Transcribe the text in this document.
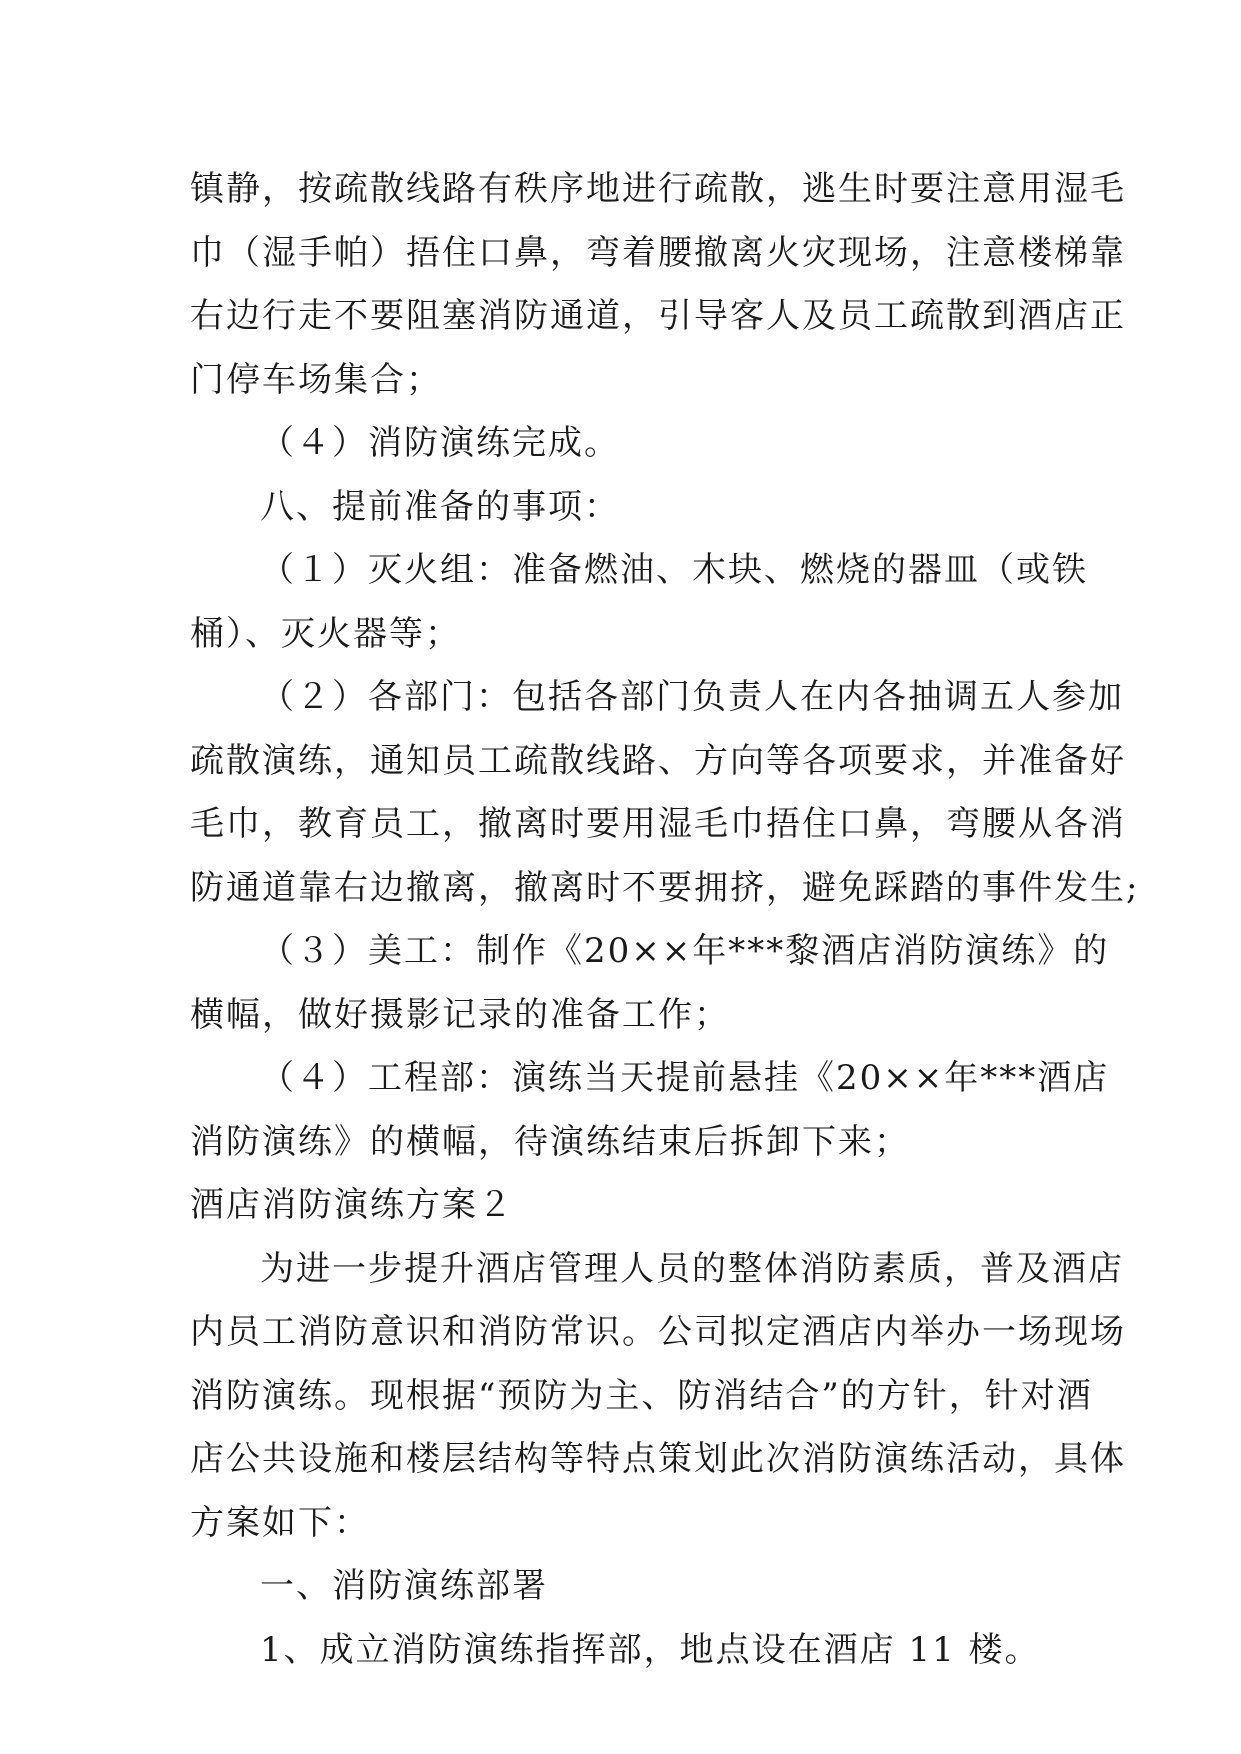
镇静，按疏散线路有秩序地进行疏散，逃生时要注意用湿毛
巾（湿手帕）捂住口鼻，弯着腰撤离火灾现场，注意楼梯靠
右边行走不要阻塞消防通道，引导客人及员工疏散到酒店正
门停车场集合；
（４）消防演练完成。
八、提前准备的事项：
（１）灭火组：准备燃油、木块、燃烧的器皿（或铁
桶）、灭火器等；
（２）各部门：包括各部门负责人在内各抽调五人参加
疏散演练，通知员工疏散线路、方向等各项要求，并准备好
毛巾，教育员工，撤离时要用湿毛巾捂住口鼻，弯腰从各消
防通道靠右边撤离，撤离时不要拥挤，避免踩踏的事件发生;
（３）美工：制作《20××年***黎酒店消防演练》的
横幅，做好摄影记录的准备工作；
（４）工程部：演练当天提前悬挂《20××年***酒店
消防演练》的横幅，待演练结束后拆卸下来；
酒店消防演练方案２
为进一步提升酒店管理人员的整体消防素质，普及酒店
内员工消防意识和消防常识。公司拟定酒店内举办一场现场
消防演练。现根据“预防为主、防消结合”的方针，针对酒
店公共设施和楼层结构等特点策划此次消防演练活动，具体
方案如下：
一、消防演练部署
1、成立消防演练指挥部，地点设在酒店 11 楼。
